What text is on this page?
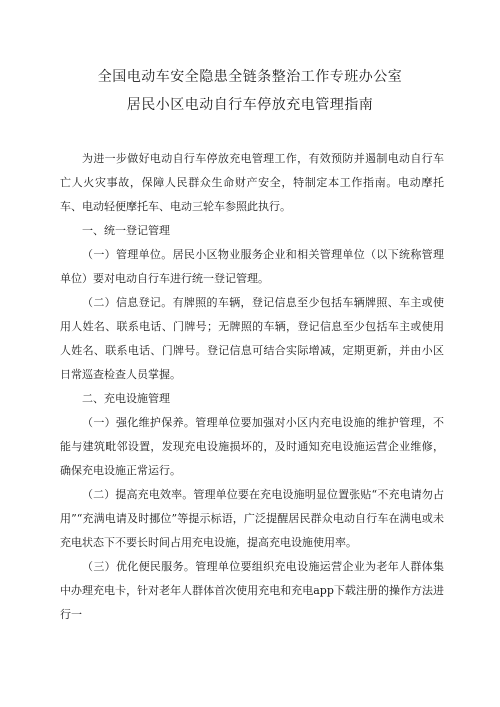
全国电动车安全隐患全链条整治工作专班办公室
居民小区电动自行车停放充电管理指南

为进一步做好电动自行车停放充电管理工作，有效预防并遏制电动自行车亡人火灾事故，保障人民群众生命财产安全，特制定本工作指南。电动摩托车、电动轻便摩托车、电动三轮车参照此执行。

一、统一登记管理

（一）管理单位。居民小区物业服务企业和相关管理单位（以下统称管理单位）要对电动自行车进行统一登记管理。

（二）信息登记。有牌照的车辆，登记信息至少包括车辆牌照、车主或使用人姓名、联系电话、门牌号；无牌照的车辆，登记信息至少包括车主或使用人姓名、联系电话、门牌号。登记信息可结合实际增减，定期更新，并由小区日常巡查检查人员掌握。

二、充电设施管理

（一）强化维护保养。管理单位要加强对小区内充电设施的维护管理，不能与建筑毗邻设置，发现充电设施损坏的，及时通知充电设施运营企业维修，确保充电设施正常运行。

（二）提高充电效率。管理单位要在充电设施明显位置张贴“不充电请勿占用”“充满电请及时挪位”等提示标语，广泛提醒居民群众电动自行车在满电或未充电状态下不要长时间占用充电设施，提高充电设施使用率。

（三）优化便民服务。管理单位要组织充电设施运营企业为老年人群体集中办理充电卡，针对老年人群体首次使用充电和充电app下载注册的操作方法进行一
